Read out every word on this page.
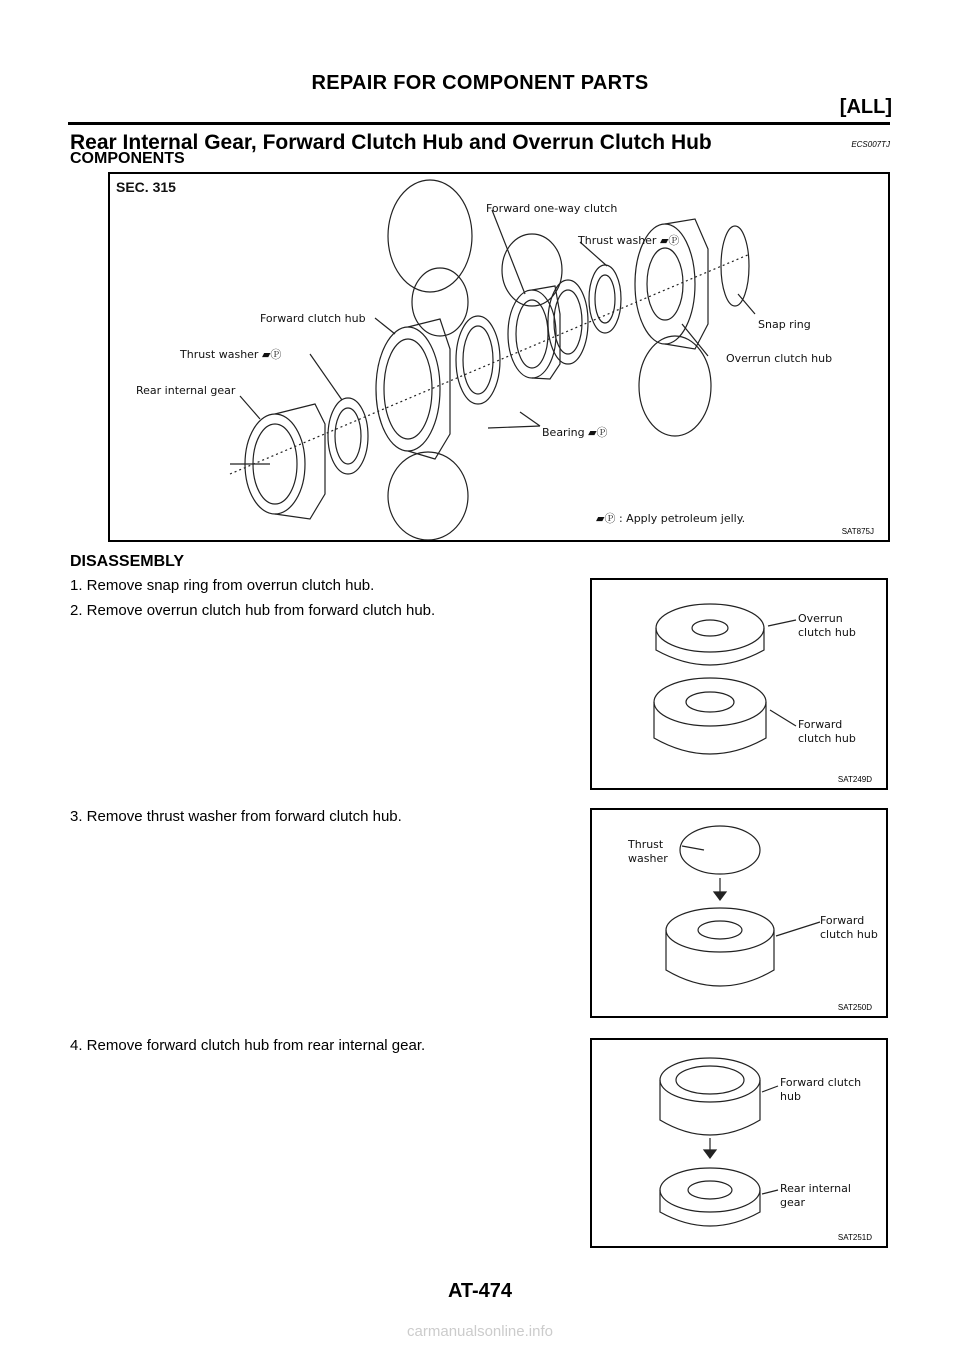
REPAIR FOR COMPONENT PARTS
[ALL]
Rear Internal Gear, Forward Clutch Hub and Overrun Clutch Hub	ECS007TJ
COMPONENTS
SEC. 315
Forward one-way clutch
Thrust washer ▰Ⓟ
Forward clutch hub	Snap ring
Thrust washer ▰Ⓟ	Overrun clutch hub
Rear internal gear
Bearing ▰Ⓟ
▰Ⓟ : Apply petroleum jelly.
SAT875J
DISASSEMBLY
1. Remove snap ring from overrun clutch hub.
2. Remove overrun clutch hub from forward clutch hub.
3. Remove thrust washer from forward clutch hub.
4. Remove forward clutch hub from rear internal gear.
Overrun
clutch hub
Forward
clutch hub
SAT249D
Thrust
washer
Forward
clutch hub
SAT250D
Forward clutch
hub
Rear internal
gear
SAT251D
AT-474
carmanualsonline.info
